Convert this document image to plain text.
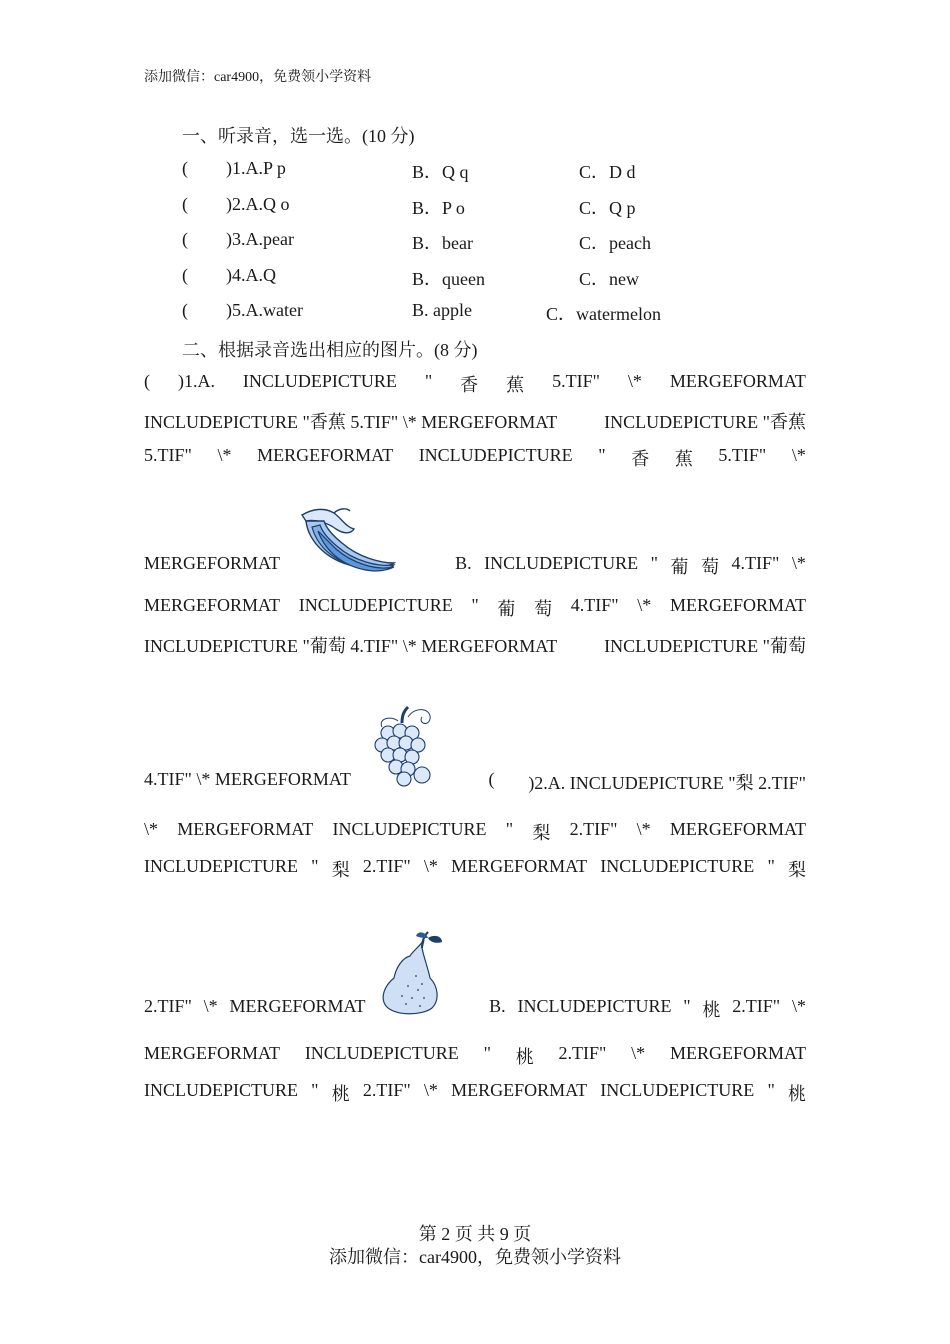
添加微信：car4900，免费领小学资料
一、听录音，选一选。(10 分)
( )1.A.P p	B．Q q	C．D d
( )2.A.Q o	B．P o	C．Q p
( )3.A.pear	B．bear	C．peach
( )4.A.Q	B．queen	C．new
( )5.A.water	B. apple	C．watermelon
二、根据录音选出相应的图片。(8 分)
( )1.A. INCLUDEPICTURE " 香 蕉 5.TIF" \* MERGEFORMAT
INCLUDEPICTURE "香蕉 5.TIF" \* MERGEFORMAT	INCLUDEPICTURE "香蕉
5.TIF" \* MERGEFORMAT INCLUDEPICTURE " 香 蕉 5.TIF" \*
MERGEFORMAT	B. INCLUDEPICTURE " 葡 萄 4.TIF" \*
MERGEFORMAT INCLUDEPICTURE " 葡 萄 4.TIF" \* MERGEFORMAT
INCLUDEPICTURE "葡萄 4.TIF" \* MERGEFORMAT	INCLUDEPICTURE "葡萄
4.TIF" \* MERGEFORMAT	( )2.A. INCLUDEPICTURE "梨 2.TIF"
\* MERGEFORMAT INCLUDEPICTURE " 梨 2.TIF" \* MERGEFORMAT
INCLUDEPICTURE " 梨 2.TIF" \* MERGEFORMAT INCLUDEPICTURE " 梨
2.TIF" \* MERGEFORMAT	B. INCLUDEPICTURE " 桃 2.TIF" \*
MERGEFORMAT INCLUDEPICTURE " 桃 2.TIF" \* MERGEFORMAT
INCLUDEPICTURE " 桃 2.TIF" \* MERGEFORMAT INCLUDEPICTURE " 桃
第 2 页 共 9 页
添加微信：car4900，免费领小学资料
